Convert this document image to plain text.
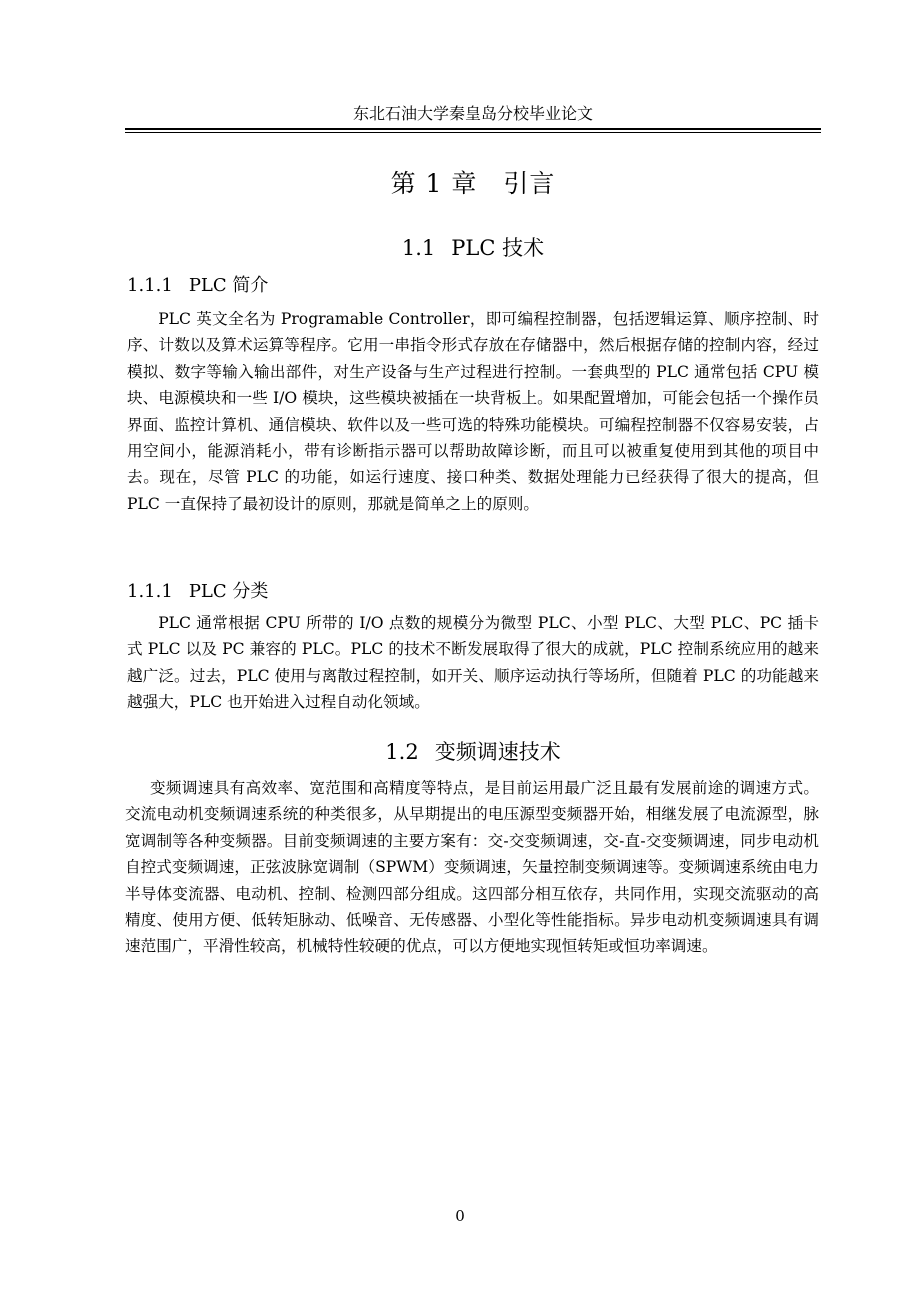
东北石油大学秦皇岛分校毕业论文
第 1 章　引言
1.1 PLC 技术
1.1.1 PLC 简介

PLC 英文全名为 Programable Controller，即可编程控制器，包括逻辑运算、顺序控制、时序、计数以及算术运算等程序。它用一串指令形式存放在存储器中，然后根据存储的控制内容，经过模拟、数字等输入输出部件，对生产设备与生产过程进行控制。一套典型的 PLC 通常包括 CPU 模块、电源模块和一些 I/O 模块，这些模块被插在一块背板上。如果配置增加，可能会包括一个操作员界面、监控计算机、通信模块、软件以及一些可选的特殊功能模块。可编程控制器不仅容易安装，占用空间小，能源消耗小，带有诊断指示器可以帮助故障诊断，而且可以被重复使用到其他的项目中去。现在，尽管 PLC 的功能，如运行速度、接口种类、数据处理能力已经获得了很大的提高，但 PLC 一直保持了最初设计的原则，那就是简单之上的原则。

1.1.1 PLC 分类

PLC 通常根据 CPU 所带的 I/O 点数的规模分为微型 PLC、小型 PLC、大型 PLC、PC 插卡式 PLC 以及 PC 兼容的 PLC。PLC 的技术不断发展取得了很大的成就，PLC 控制系统应用的越来越广泛。过去，PLC 使用与离散过程控制，如开关、顺序运动执行等场所，但随着 PLC 的功能越来越强大，PLC 也开始进入过程自动化领域。

1.2 变频调速技术

变频调速具有高效率、宽范围和高精度等特点，是目前运用最广泛且最有发展前途的调速方式。交流电动机变频调速系统的种类很多，从早期提出的电压源型变频器开始，相继发展了电流源型，脉宽调制等各种变频器。目前变频调速的主要方案有：交-交变频调速，交-直-交变频调速，同步电动机自控式变频调速，正弦波脉宽调制（SPWM）变频调速，矢量控制变频调速等。变频调速系统由电力半导体变流器、电动机、控制、检测四部分组成。这四部分相互依存，共同作用，实现交流驱动的高精度、使用方便、低转矩脉动、低噪音、无传感器、小型化等性能指标。异步电动机变频调速具有调速范围广，平滑性较高，机械特性较硬的优点，可以方便地实现恒转矩或恒功率调速。

0
